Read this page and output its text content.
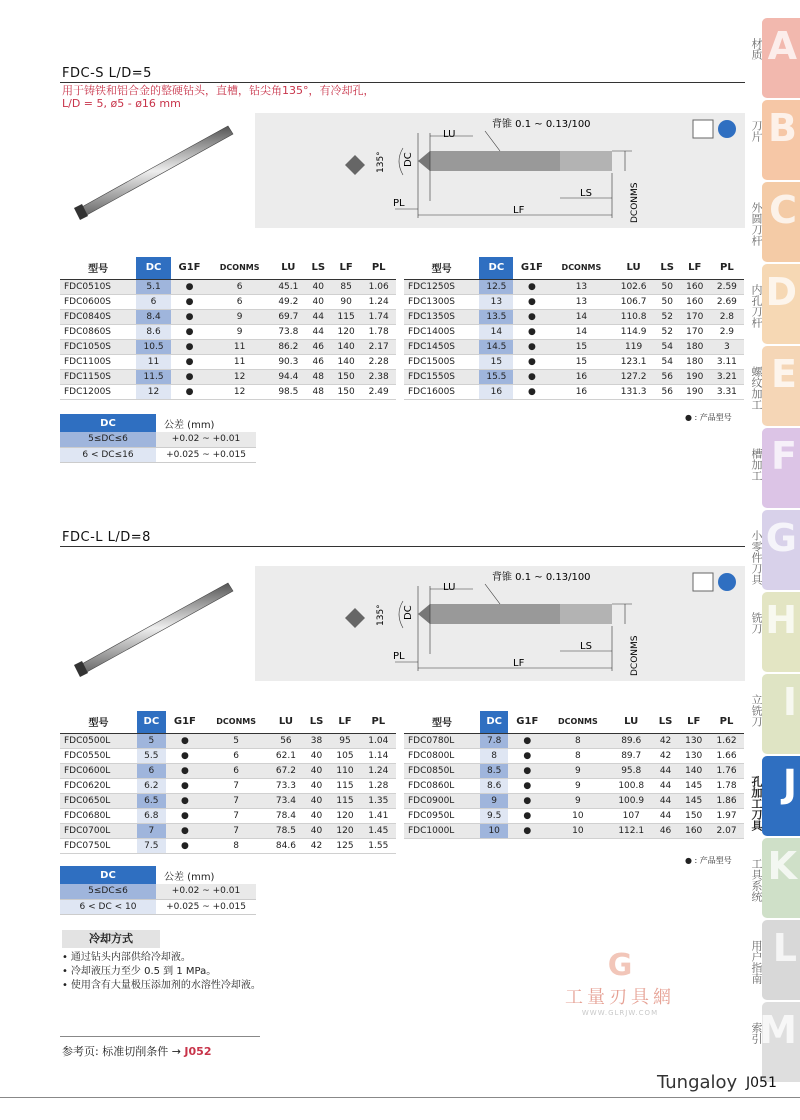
A
材质
B
刀片
C
外圆刀杆
D
内孔刀杆
E
螺纹加工
F
槽加工
G
小零件刀具
H
铣刀
I
立铣刀
J
孔加工刀具
K
工具系统
L
用户指南
M
索引
FDC-S L/D=5
用于铸铁和铝合金的整硬钻头，直槽，钻尖角135°，有冷却孔，
L/D = 5, ø5 - ø16 mm
LU
背锥 0.1 ~ 0.13/100
DC
135°
PL
LF
LS	DCONMS
型号	DC	G1F	DCONMS	LU	LS	LF	PL
FDC0510S	5.1	●	6	45.1	40	85	1.06
FDC0600S	6	●	6	49.2	40	90	1.24
FDC0840S	8.4	●	9	69.7	44	115	1.74
FDC0860S	8.6	●	9	73.8	44	120	1.78
FDC1050S	10.5	●	11	86.2	46	140	2.17
FDC1100S	11	●	11	90.3	46	140	2.28
FDC1150S	11.5	●	12	94.4	48	150	2.38
FDC1200S	12	●	12	98.5	48	150	2.49
型号	DC	G1F	DCONMS	LU	LS	LF	PL
FDC1250S	12.5	●	13	102.6	50	160	2.59
FDC1300S	13	●	13	106.7	50	160	2.69
FDC1350S	13.5	●	14	110.8	52	170	2.8
FDC1400S	14	●	14	114.9	52	170	2.9
FDC1450S	14.5	●	15	119	54	180	3
FDC1500S	15	●	15	123.1	54	180	3.11
FDC1550S	15.5	●	16	127.2	56	190	3.21
FDC1600S	16	●	16	131.3	56	190	3.31
● : 产品型号
DC	公差 (mm)
5≤DC≤6	+0.02 ~ +0.01
6 < DC≤16	+0.025 ~ +0.015
FDC-L L/D=8
LU
背锥 0.1 ~ 0.13/100
DC
135°
PL
LF
LS	DCONMS
型号	DC	G1F	DCONMS	LU	LS	LF	PL
FDC0500L	5	●	5	56	38	95	1.04
FDC0550L	5.5	●	6	62.1	40	105	1.14
FDC0600L	6	●	6	67.2	40	110	1.24
FDC0620L	6.2	●	7	73.3	40	115	1.28
FDC0650L	6.5	●	7	73.4	40	115	1.35
FDC0680L	6.8	●	7	78.4	40	120	1.41
FDC0700L	7	●	7	78.5	40	120	1.45
FDC0750L	7.5	●	8	84.6	42	125	1.55
型号	DC	G1F	DCONMS	LU	LS	LF	PL
FDC0780L	7.8	●	8	89.6	42	130	1.62
FDC0800L	8	●	8	89.7	42	130	1.66
FDC0850L	8.5	●	9	95.8	44	140	1.76
FDC0860L	8.6	●	9	100.8	44	145	1.78
FDC0900L	9	●	9	100.9	44	145	1.86
FDC0950L	9.5	●	10	107	44	150	1.97
FDC1000L	10	●	10	112.1	46	160	2.07
● : 产品型号
DC	公差 (mm)
5≤DC≤6	+0.02 ~ +0.01
6 < DC < 10	+0.025 ~ +0.015
冷却方式
• 通过钻头内部供给冷却液。
• 冷却液压力至少 0.5 到 1 MPa。
• 使用含有大量极压添加剂的水溶性冷却液。
G
工量刃具網
WWW.GLRJW.COM
参考页: 标准切削条件 → J052
Tungaloy J051
